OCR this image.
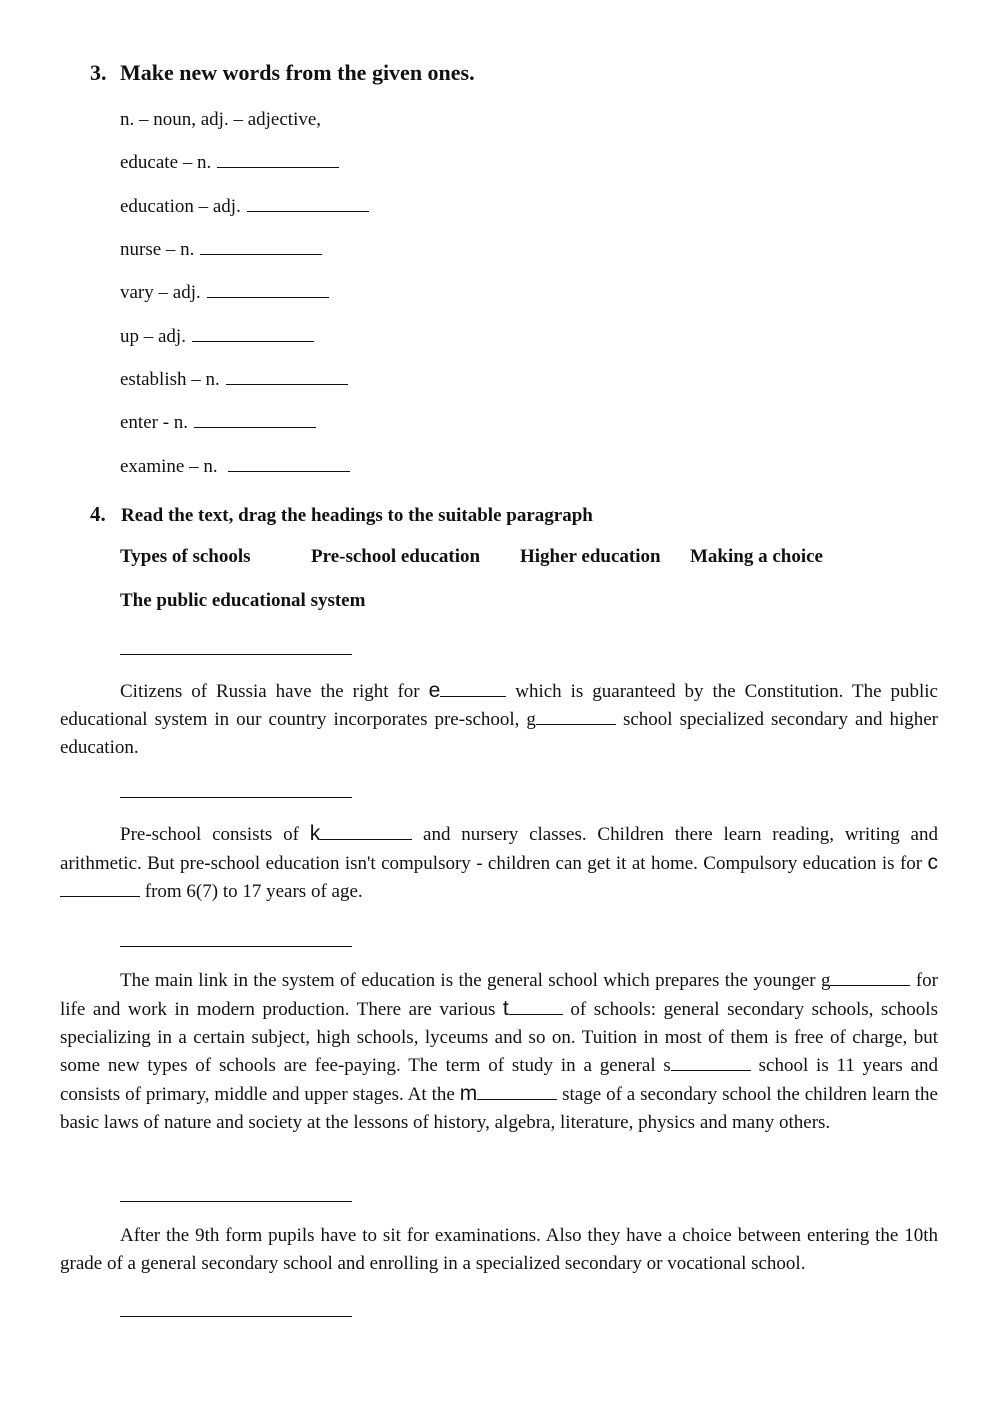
3. Make new words from the given ones.
n. – noun, adj. – adjective,
educate – n.
education – adj.
nurse – n.
vary – adj.
up – adj.
establish – n.
enter - n.
examine – n.
4. Read the text, drag the headings to the suitable paragraph
Types of schools	Pre-school education Higher education Making a choice
The public educational system
Citizens of Russia have the right for e	which is guaranteed by the Constitution. The public educational system in our country incorporates pre-school, g	school specialized secondary and higher education.
Pre-school consists of k	and nursery classes. Children there learn reading, writing and arithmetic. But pre-school education isn't compulsory - children can get it at home. Compulsory education is for c from 6(7) to 17 years of age.
The main link in the system of education is the general school which prepares the younger g	for life and work in modern production. There are various t	of schools: general secondary schools, schools specializing in a certain subject, high schools, lyceums and so on. Tuition in most of them is free of charge, but some new types of schools are fee-paying. The term of study in a general s	school is 11 years and consists of primary, middle and upper stages. At the m	stage of a secondary school the children learn the basic laws of nature and society at the lessons of history, algebra, literature, physics and many others.
After the 9th form pupils have to sit for examinations. Also they have a choice between entering the 10th grade of a general secondary school and enrolling in a specialized secondary or vocational school.
